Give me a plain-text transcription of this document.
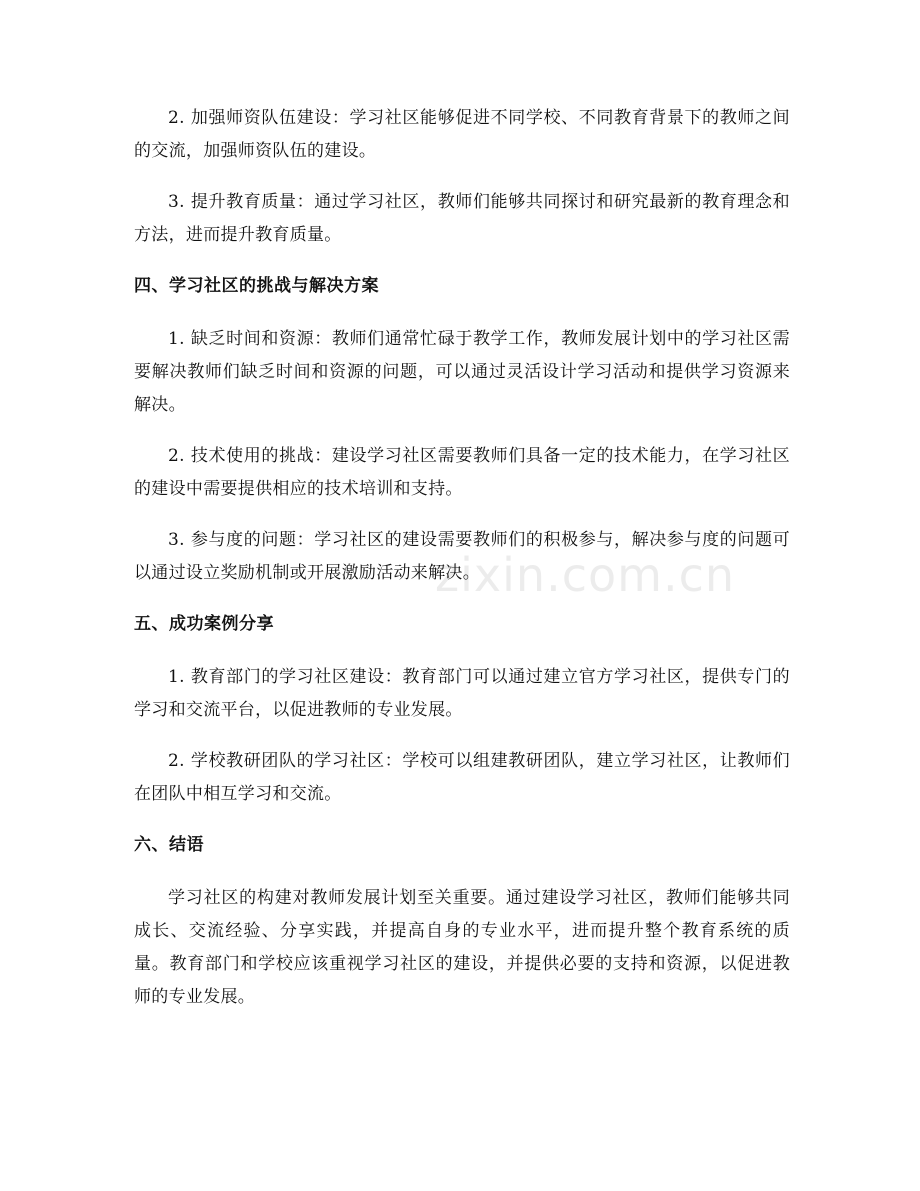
2. 加强师资队伍建设：学习社区能够促进不同学校、不同教育背景下的教师之间的交流，加强师资队伍的建设。

3. 提升教育质量：通过学习社区，教师们能够共同探讨和研究最新的教育理念和方法，进而提升教育质量。

四、学习社区的挑战与解决方案

1. 缺乏时间和资源：教师们通常忙碌于教学工作，教师发展计划中的学习社区需要解决教师们缺乏时间和资源的问题，可以通过灵活设计学习活动和提供学习资源来解决。

2. 技术使用的挑战：建设学习社区需要教师们具备一定的技术能力，在学习社区的建设中需要提供相应的技术培训和支持。

3. 参与度的问题：学习社区的建设需要教师们的积极参与，解决参与度的问题可以通过设立奖励机制或开展激励活动来解决。

五、成功案例分享

1. 教育部门的学习社区建设：教育部门可以通过建立官方学习社区，提供专门的学习和交流平台，以促进教师的专业发展。

2. 学校教研团队的学习社区：学校可以组建教研团队，建立学习社区，让教师们在团队中相互学习和交流。

六、结语

学习社区的构建对教师发展计划至关重要。通过建设学习社区，教师们能够共同成长、交流经验、分享实践，并提高自身的专业水平，进而提升整个教育系统的质量。教育部门和学校应该重视学习社区的建设，并提供必要的支持和资源，以促进教师的专业发展。

zixin.com.cn
